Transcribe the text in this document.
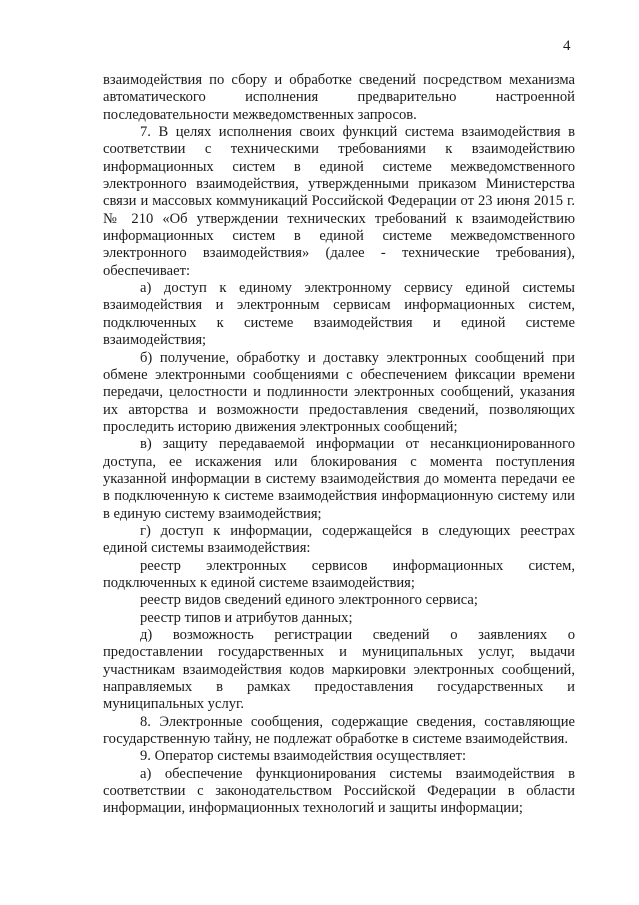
4

взаимодействия по сбору и обработке сведений посредством механизма автоматического исполнения предварительно настроенной последовательности межведомственных запросов.

7. В целях исполнения своих функций система взаимодействия в соответствии с техническими требованиями к взаимодействию информационных систем в единой системе межведомственного электронного взаимодействия, утвержденными приказом Министерства связи и массовых коммуникаций Российской Федерации от 23 июня 2015 г. № 210 «Об утверждении технических требований к взаимодействию информационных систем в единой системе межведомственного электронного взаимодействия» (далее - технические требования), обеспечивает:

а) доступ к единому электронному сервису единой системы взаимодействия и электронным сервисам информационных систем, подключенных к системе взаимодействия и единой системе взаимодействия;

б) получение, обработку и доставку электронных сообщений при обмене электронными сообщениями с обеспечением фиксации времени передачи, целостности и подлинности электронных сообщений, указания их авторства и возможности предоставления сведений, позволяющих проследить историю движения электронных сообщений;

в) защиту передаваемой информации от несанкционированного доступа, ее искажения или блокирования с момента поступления указанной информации в систему взаимодействия до момента передачи ее в подключенную к системе взаимодействия информационную систему или в единую систему взаимодействия;

г) доступ к информации, содержащейся в следующих реестрах единой системы взаимодействия:

реестр электронных сервисов информационных систем, подключенных к единой системе взаимодействия;

реестр видов сведений единого электронного сервиса;

реестр типов и атрибутов данных;

д) возможность регистрации сведений о заявлениях о предоставлении государственных и муниципальных услуг, выдачи участникам взаимодействия кодов маркировки электронных сообщений, направляемых в рамках предоставления государственных и муниципальных услуг.

8. Электронные сообщения, содержащие сведения, составляющие государственную тайну, не подлежат обработке в системе взаимодействия.

9. Оператор системы взаимодействия осуществляет:

а) обеспечение функционирования системы взаимодействия в соответствии с законодательством Российской Федерации в области информации, информационных технологий и защиты информации;
